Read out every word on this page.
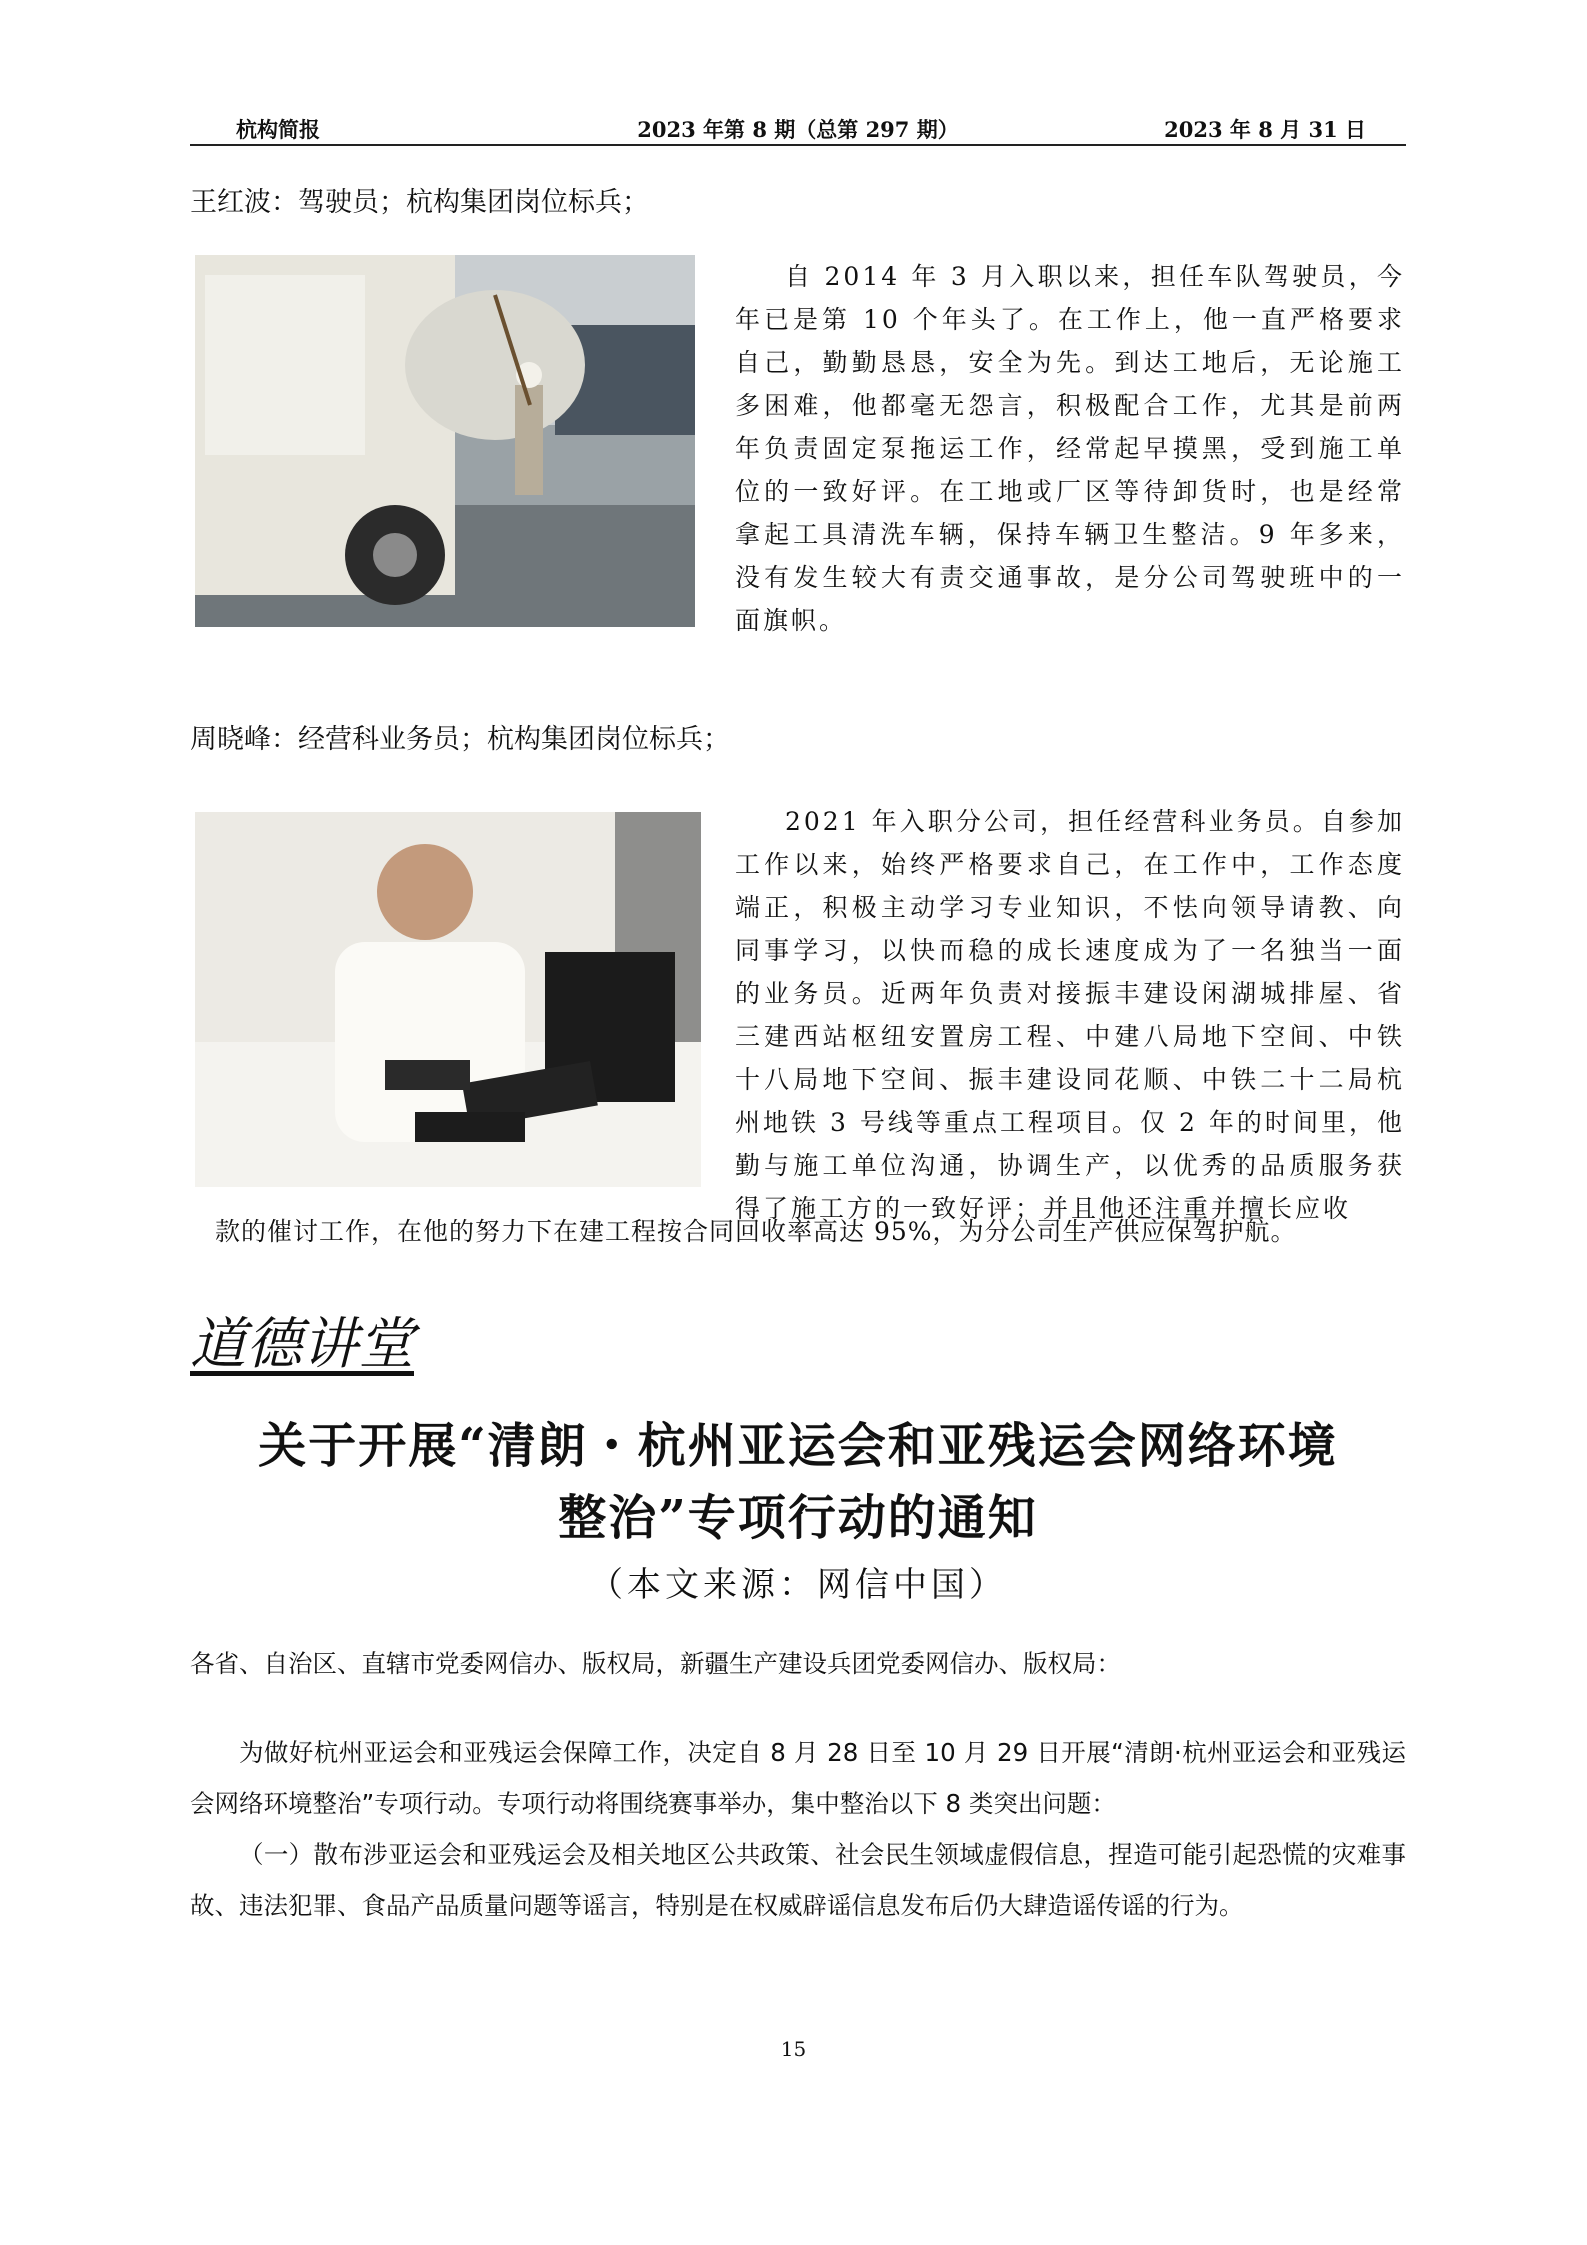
杭构简报	2023 年第 8 期（总第 297 期）	2023 年 8 月 31 日
王红波：驾驶员；杭构集团岗位标兵；

自 2014 年 3 月入职以来，担任车队驾驶员，今年已是第 10 个年头了。在工作上，他一直严格要求自己，勤勤恳恳，安全为先。到达工地后，无论施工多困难，他都毫无怨言，积极配合工作，尤其是前两年负责固定泵拖运工作，经常起早摸黑，受到施工单位的一致好评。在工地或厂区等待卸货时，也是经常拿起工具清洗车辆，保持车辆卫生整洁。9 年多来，没有发生较大有责交通事故，是分公司驾驶班中的一面旗帜。

周晓峰：经营科业务员；杭构集团岗位标兵；

2021 年入职分公司，担任经营科业务员。自参加工作以来，始终严格要求自己，在工作中，工作态度端正，积极主动学习专业知识，不怯向领导请教、向同事学习，以快而稳的成长速度成为了一名独当一面的业务员。近两年负责对接振丰建设闲湖城排屋、省三建西站枢纽安置房工程、中建八局地下空间、中铁十八局地下空间、振丰建设同花顺、中铁二十二局杭州地铁 3 号线等重点工程项目。仅 2 年的时间里，他勤与施工单位沟通，协调生产，以优秀的品质服务获得了施工方的一致好评；并且他还注重并擅长应收

款的催讨工作，在他的努力下在建工程按合同回收率高达 95%，为分公司生产供应保驾护航。
道德讲堂
关于开展“清朗・杭州亚运会和亚残运会网络环境
整治”专项行动的通知
（本文来源：网信中国）

各省、自治区、直辖市党委网信办、版权局，新疆生产建设兵团党委网信办、版权局：

为做好杭州亚运会和亚残运会保障工作，决定自 8 月 28 日至 10 月 29 日开展“清朗·杭州亚运会和亚残运会网络环境整治”专项行动。专项行动将围绕赛事举办，集中整治以下 8 类突出问题：

（一）散布涉亚运会和亚残运会及相关地区公共政策、社会民生领域虚假信息，捏造可能引起恐慌的灾难事故、违法犯罪、食品产品质量问题等谣言，特别是在权威辟谣信息发布后仍大肆造谣传谣的行为。

15
